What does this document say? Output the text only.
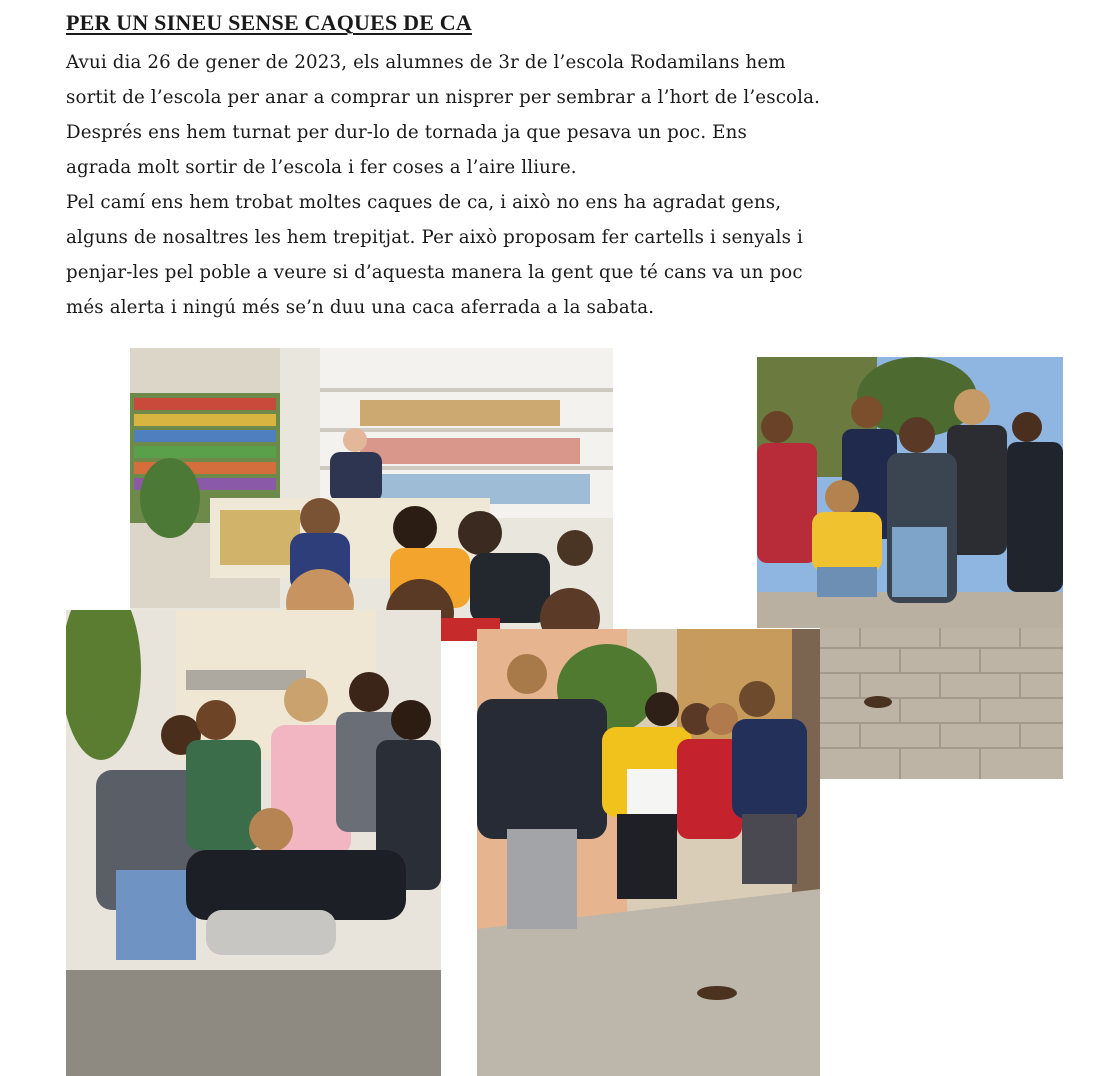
PER UN SINEU SENSE CAQUES DE CA
Avui dia 26 de gener de 2023, els alumnes de 3r de l’escola Rodamilans hem
sortit de l’escola per anar a comprar un nisprer per sembrar a l’hort de l’escola.
Després ens hem turnat per dur-lo de tornada ja que pesava un poc. Ens
agrada molt sortir de l’escola i fer coses a l’aire lliure.
Pel camí ens hem trobat moltes caques de ca, i això no ens ha agradat gens,
alguns de nosaltres les hem trepitjat. Per això proposam fer cartells i senyals i
penjar-les pel poble a veure si d’aquesta manera la gent que té cans va un poc
més alerta i ningú més se’n duu una caca aferrada a la sabata.
